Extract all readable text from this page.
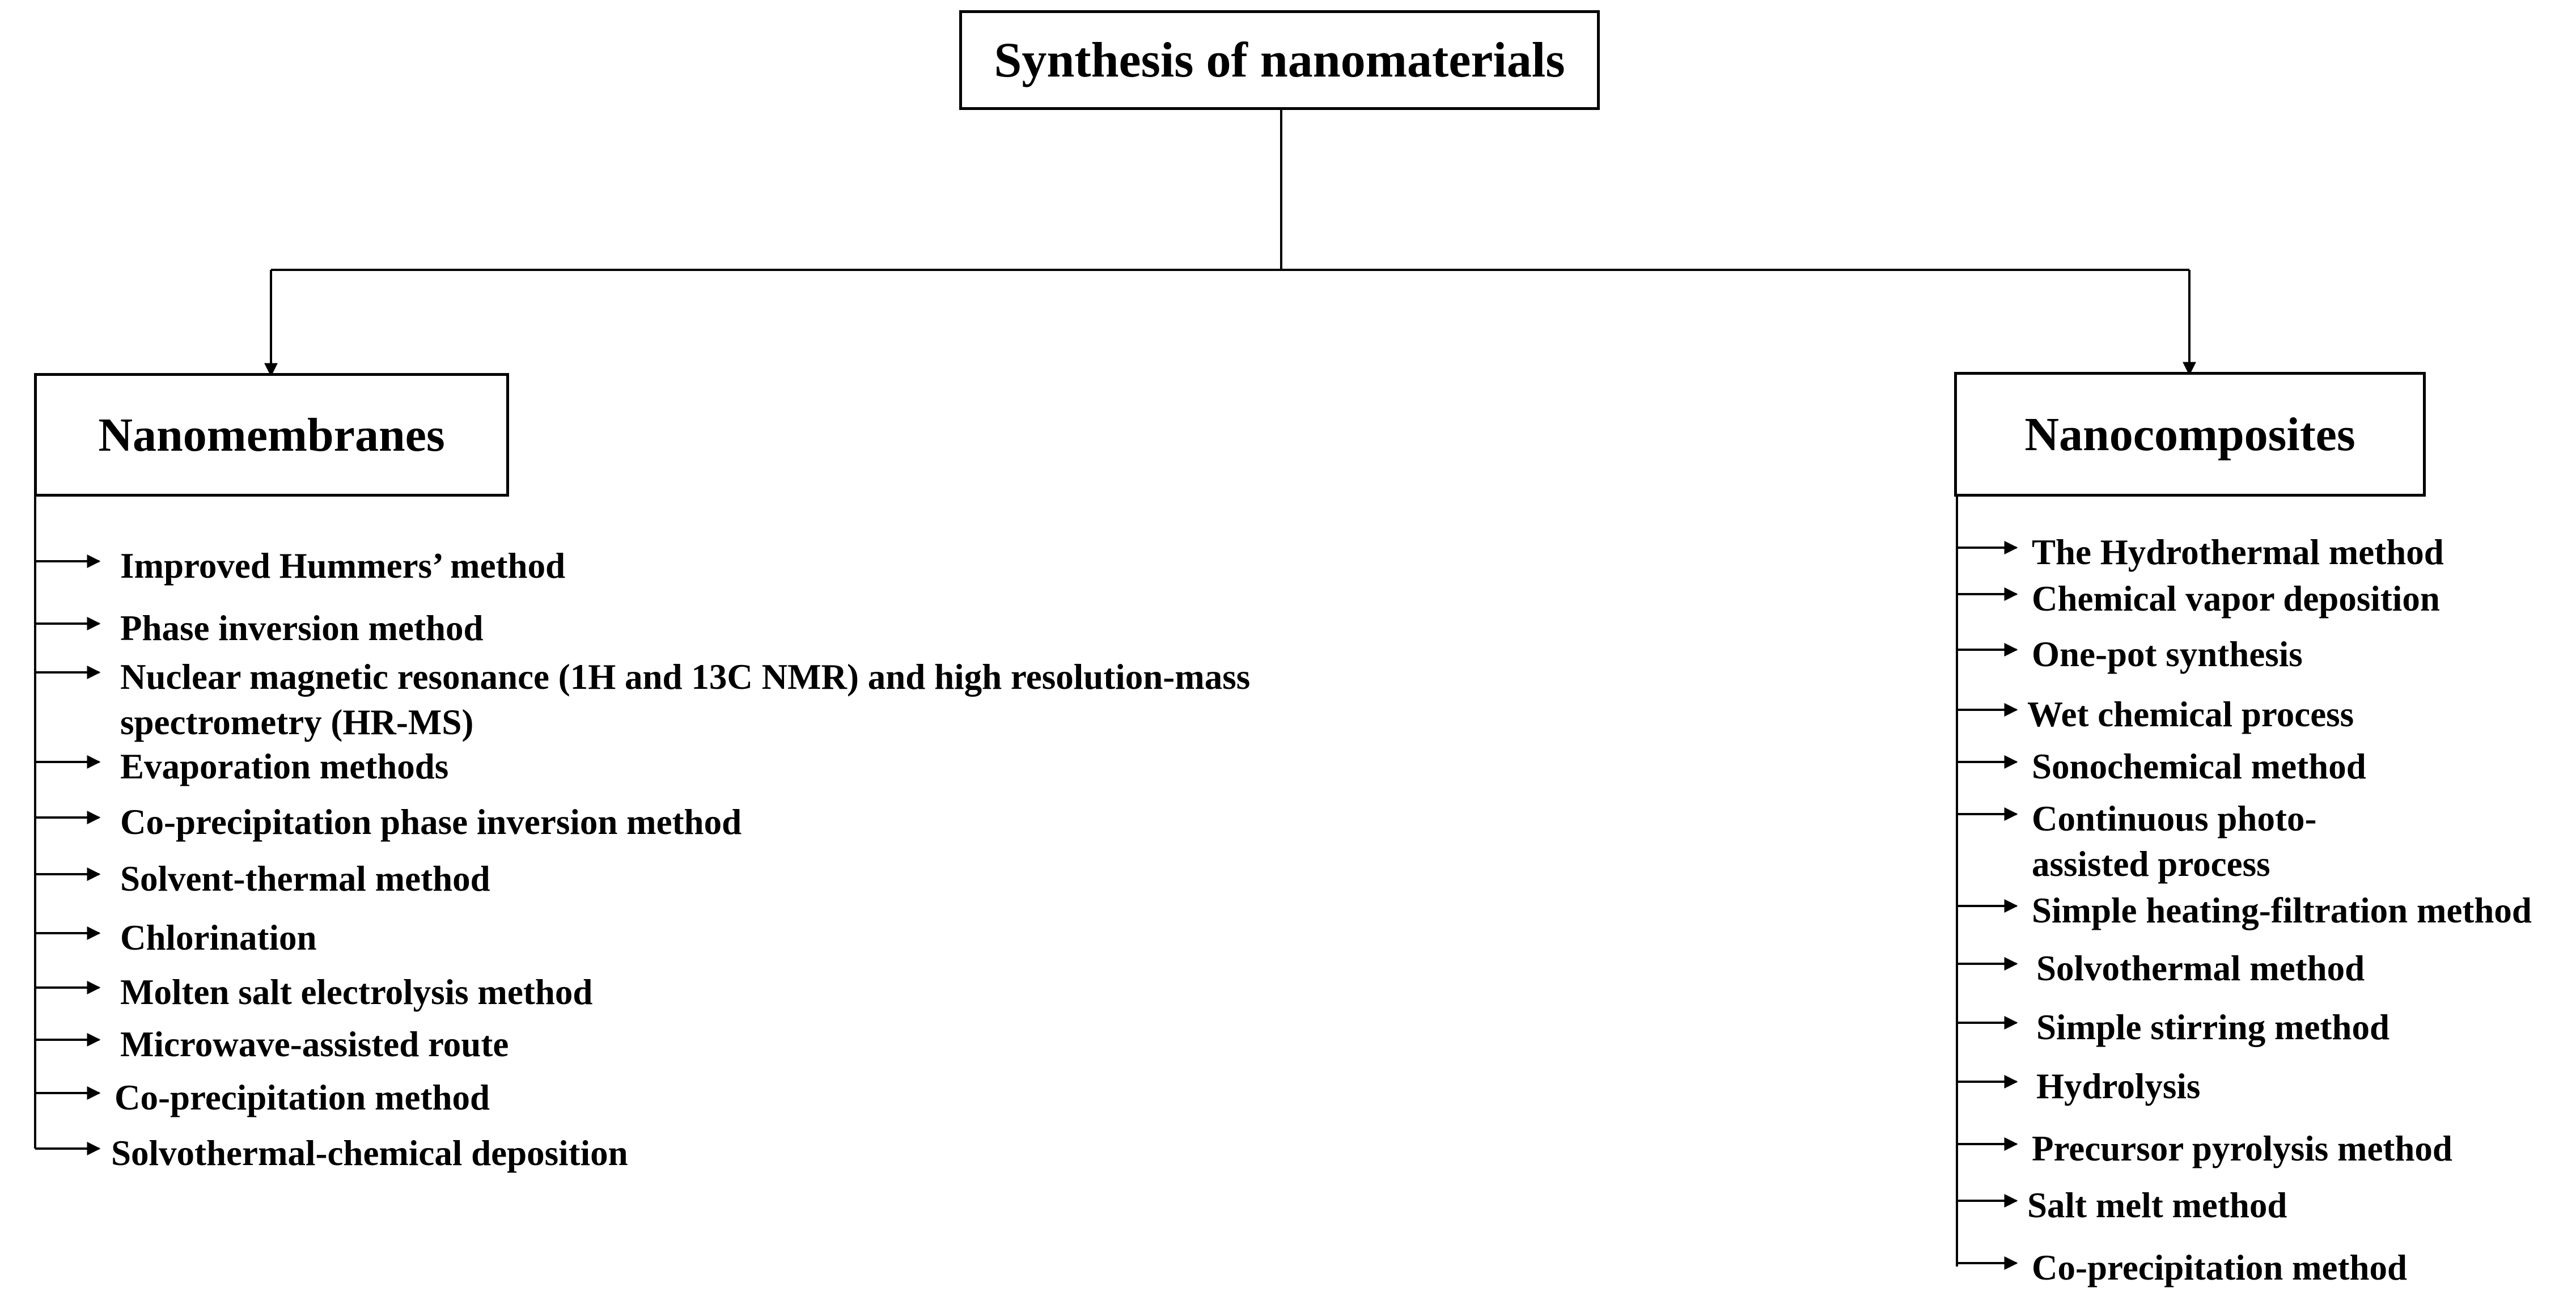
Synthesis of nanomaterials
Nanomembranes	Nanocomposites
Improved Hummers’ method
Phase inversion method
Nuclear magnetic resonance (1H and 13C NMR) and high resolution-mass spectrometry (HR-MS)
Evaporation methods
Co-precipitation phase inversion method
Solvent-thermal method
Chlorination
Molten salt electrolysis method
Microwave-assisted route
Co-precipitation method
Solvothermal-chemical deposition
The Hydrothermal method
Chemical vapor deposition
One-pot synthesis
Wet chemical process
Sonochemical method
Continuous photo-assisted process
Simple heating-filtration method
Solvothermal method
Simple stirring method
Hydrolysis
Precursor pyrolysis method
Salt melt method
Co-precipitation method
